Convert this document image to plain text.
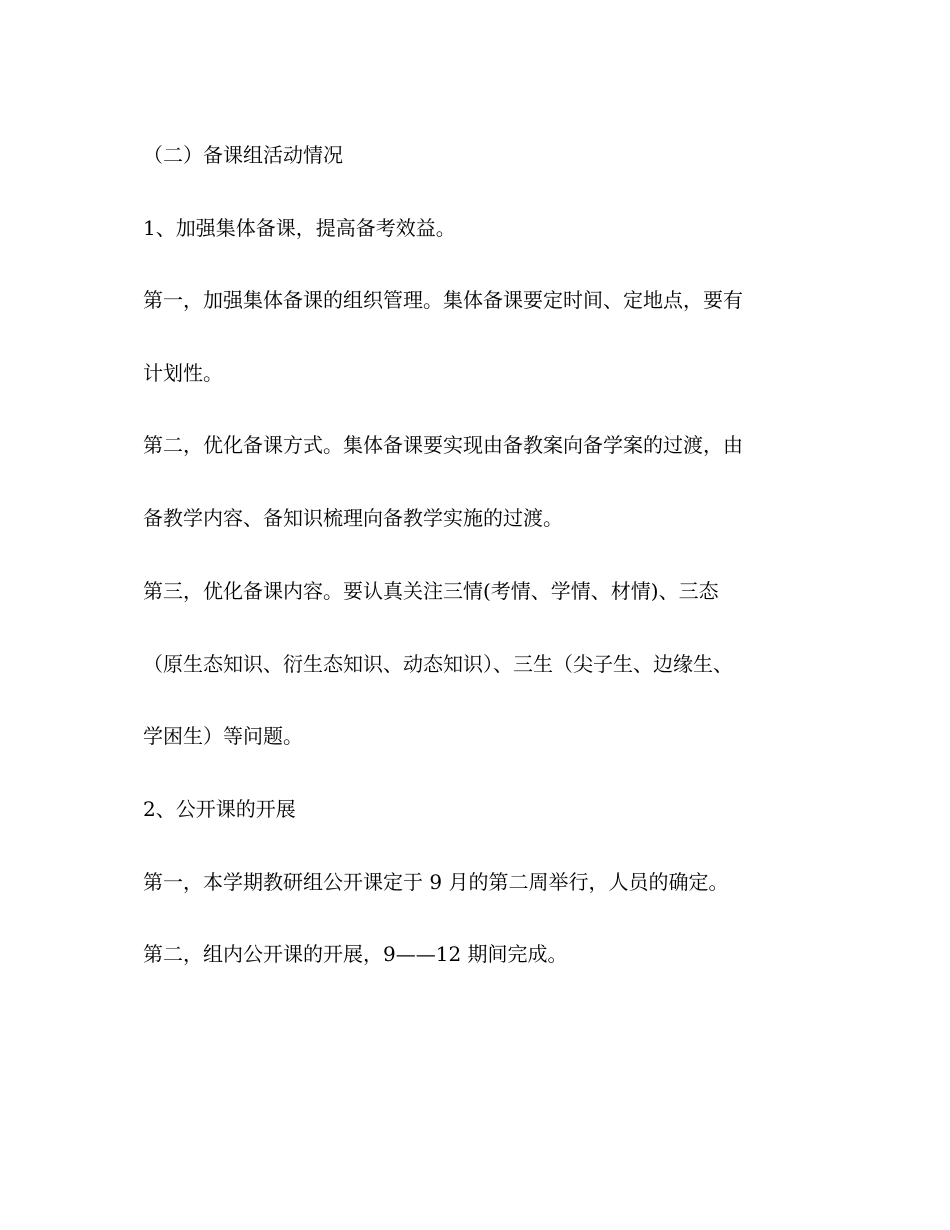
（二）备课组活动情况

1、加强集体备课，提高备考效益。

第一，加强集体备课的组织管理。集体备课要定时间、定地点，要有

计划性。

第二，优化备课方式。集体备课要实现由备教案向备学案的过渡，由

备教学内容、备知识梳理向备教学实施的过渡。

第三，优化备课内容。要认真关注三情(考情、学情、材情)、三态

（原生态知识、衍生态知识、动态知识）、三生（尖子生、边缘生、

学困生）等问题。

2、公开课的开展

第一，本学期教研组公开课定于 9 月的第二周举行，人员的确定。

第二，组内公开课的开展，9——12 期间完成。
